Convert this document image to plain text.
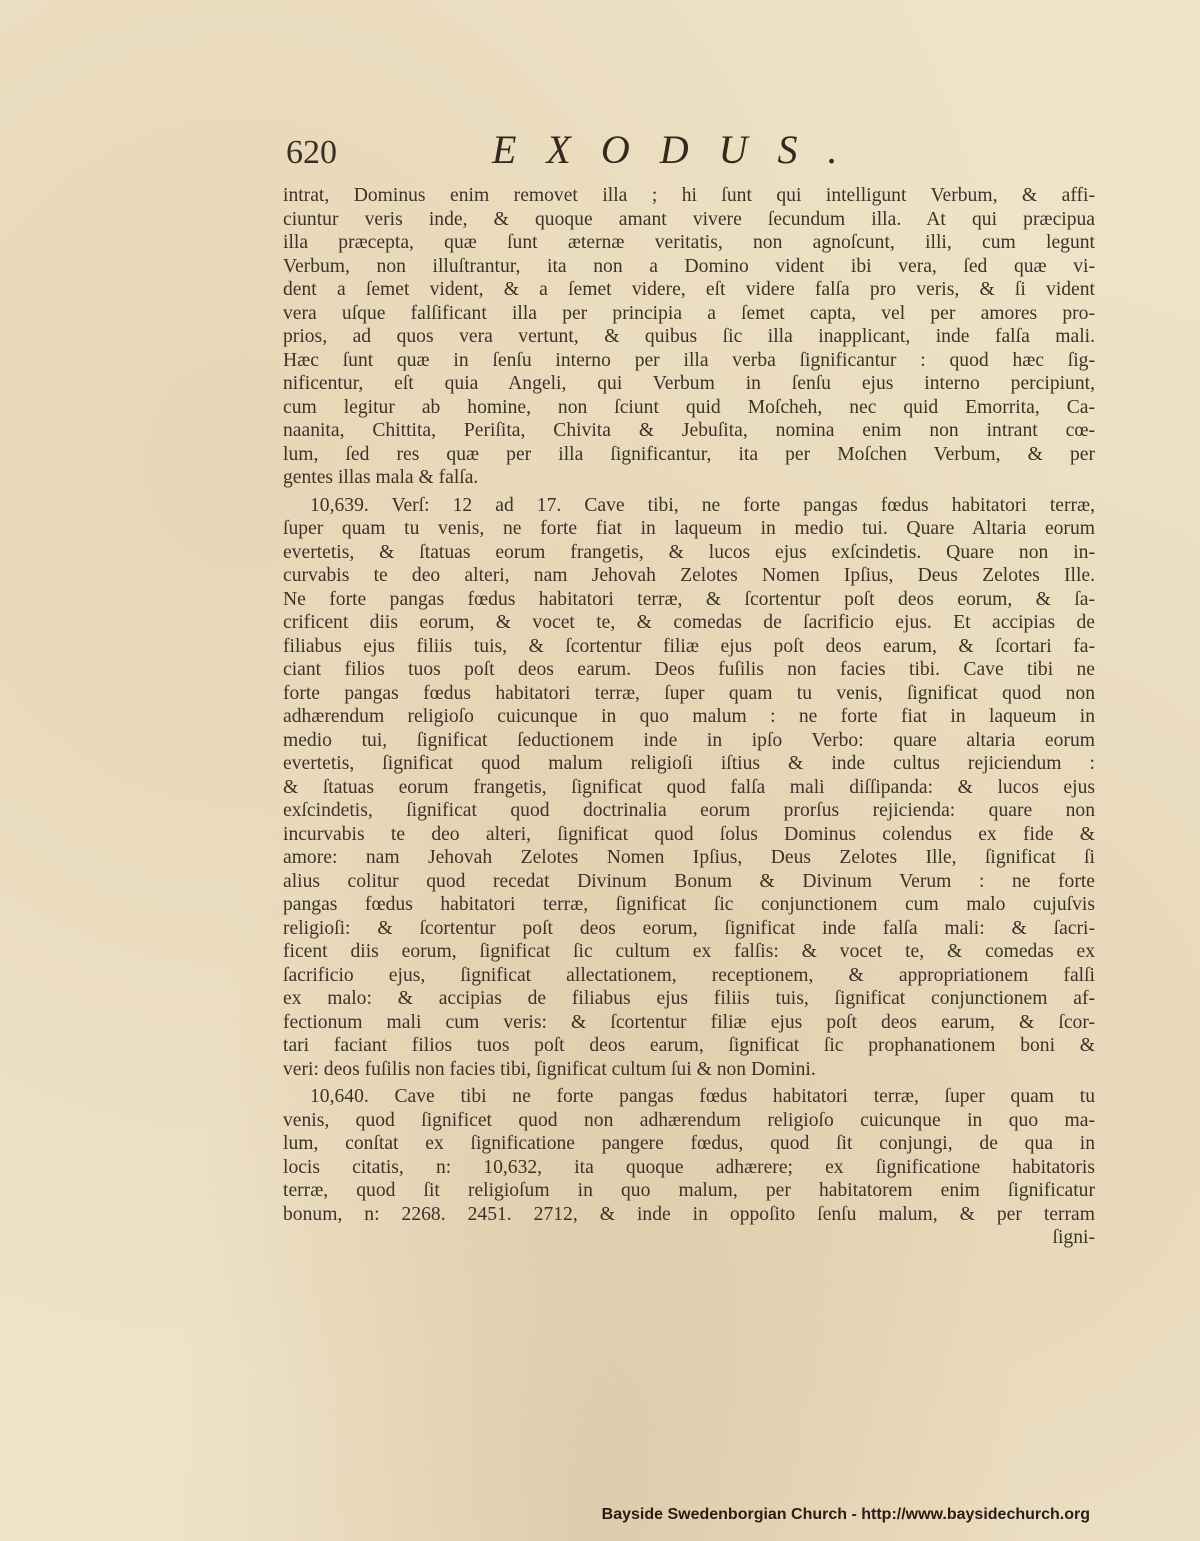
620	EXODUS.
intrat, Dominus enim removet illa ; hi ſunt qui intelligunt Verbum, & affi-
ciuntur veris inde, & quoque amant vivere ſecundum illa. At qui præcipua
illa præcepta, quæ ſunt æternæ veritatis, non agnoſcunt, illi, cum legunt
Verbum, non illuſtrantur, ita non a Domino vident ibi vera, ſed quæ vi-
dent a ſemet vident, & a ſemet videre, eſt videre falſa pro veris, & ſi vident
vera uſque falſificant illa per principia a ſemet capta, vel per amores pro-
prios, ad quos vera vertunt, & quibus ſic illa inapplicant, inde falſa mali.
Hæc ſunt quæ in ſenſu interno per illa verba ſignificantur : quod hæc ſig-
nificentur, eſt quia Angeli, qui Verbum in ſenſu ejus interno percipiunt,
cum legitur ab homine, non ſciunt quid Moſcheh, nec quid Emorrita, Ca-
naanita, Chittita, Periſita, Chivita & Jebuſita, nomina enim non intrant cœ-
lum, ſed res quæ per illa ſignificantur, ita per Moſchen Verbum, & per
gentes illas mala & falſa.
10,639. Verſ: 12 ad 17. Cave tibi, ne forte pangas fœdus habitatori terræ,
ſuper quam tu venis, ne forte fiat in laqueum in medio tui. Quare Altaria eorum
evertetis, & ſtatuas eorum frangetis, & lucos ejus exſcindetis. Quare non in-
curvabis te deo alteri, nam Jehovah Zelotes Nomen Ipſius, Deus Zelotes Ille.
Ne forte pangas fœdus habitatori terræ, & ſcortentur poſt deos eorum, & ſa-
crificent diis eorum, & vocet te, & comedas de ſacrificio ejus. Et accipias de
filiabus ejus filiis tuis, & ſcortentur filiæ ejus poſt deos earum, & ſcortari fa-
ciant filios tuos poſt deos earum. Deos fuſilis non facies tibi. Cave tibi ne
forte pangas fœdus habitatori terræ, ſuper quam tu venis, ſignificat quod non
adhærendum religioſo cuicunque in quo malum : ne forte fiat in laqueum in
medio tui, ſignificat ſeductionem inde in ipſo Verbo: quare altaria eorum
evertetis, ſignificat quod malum religioſi iſtius & inde cultus rejiciendum :
& ſtatuas eorum frangetis, ſignificat quod falſa mali diſſipanda: & lucos ejus
exſcindetis, ſignificat quod doctrinalia eorum prorſus rejicienda: quare non
incurvabis te deo alteri, ſignificat quod ſolus Dominus colendus ex fide &
amore: nam Jehovah Zelotes Nomen Ipſius, Deus Zelotes Ille, ſignificat ſi
alius colitur quod recedat Divinum Bonum & Divinum Verum : ne forte
pangas fœdus habitatori terræ, ſignificat ſic conjunctionem cum malo cujuſvis
religioſi: & ſcortentur poſt deos eorum, ſignificat inde falſa mali: & ſacri-
ficent diis eorum, ſignificat ſic cultum ex falſis: & vocet te, & comedas ex
ſacrificio ejus, ſignificat allectationem, receptionem, & appropriationem falſi
ex malo: & accipias de filiabus ejus filiis tuis, ſignificat conjunctionem af-
fectionum mali cum veris: & ſcortentur filiæ ejus poſt deos earum, & ſcor-
tari faciant filios tuos poſt deos earum, ſignificat ſic prophanationem boni &
veri: deos fuſilis non facies tibi, ſignificat cultum ſui & non Domini.
10,640. Cave tibi ne forte pangas fœdus habitatori terræ, ſuper quam tu
venis, quod ſignificet quod non adhærendum religioſo cuicunque in quo ma-
lum, conſtat ex ſignificatione pangere fœdus, quod ſit conjungi, de qua in
locis citatis, n: 10,632, ita quoque adhærere; ex ſignificatione habitatoris
terræ, quod ſit religioſum in quo malum, per habitatorem enim ſignificatur
bonum, n: 2268. 2451. 2712, & inde in oppoſito ſenſu malum, & per terram
ſigni-
Bayside Swedenborgian Church - http://www.baysidechurch.org
